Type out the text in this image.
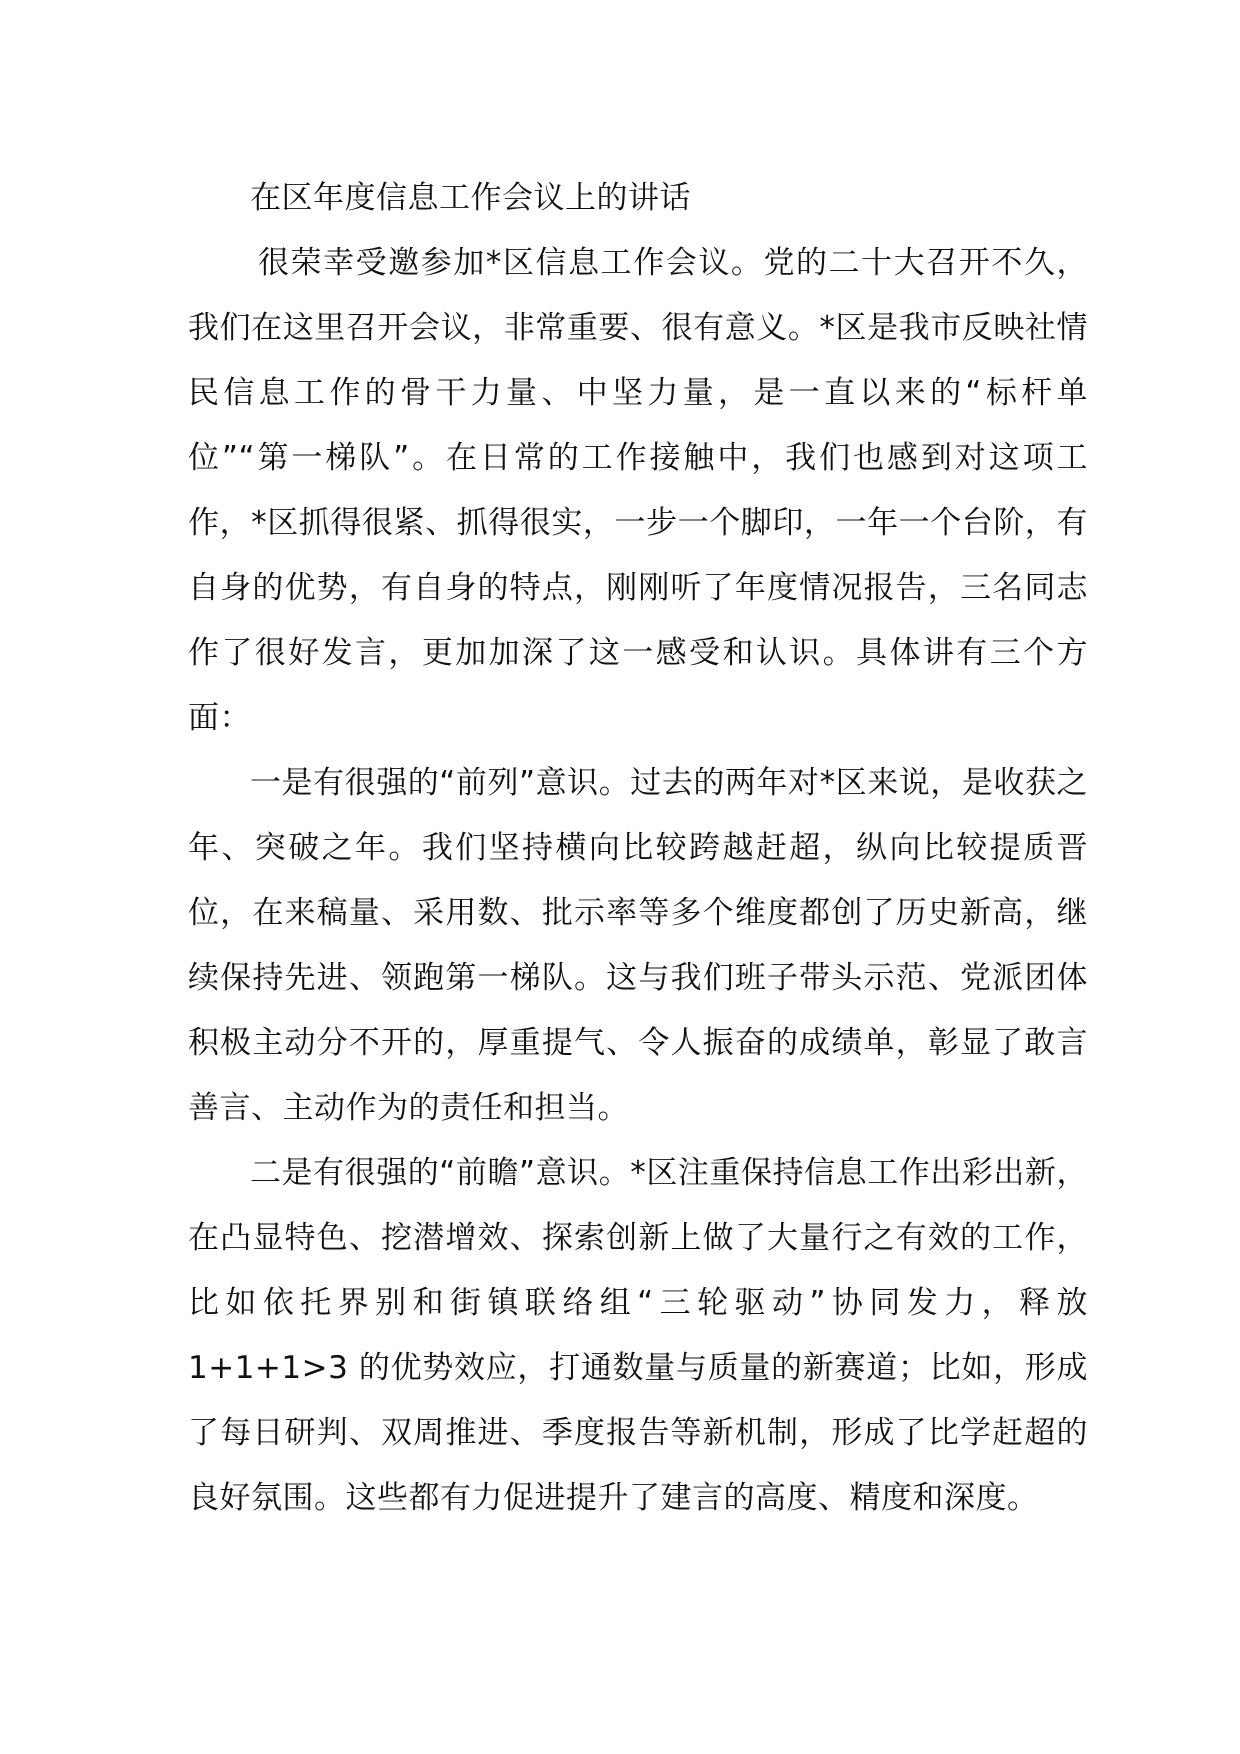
在区年度信息工作会议上的讲话

很荣幸受邀参加*区信息工作会议。党的二十大召开不久，我们在这里召开会议，非常重要、很有意义。*区是我市反映社情民信息工作的骨干力量、中坚力量，是一直以来的“标杆单位”“第一梯队”。在日常的工作接触中，我们也感到对这项工作，*区抓得很紧、抓得很实，一步一个脚印，一年一个台阶，有自身的优势，有自身的特点，刚刚听了年度情况报告，三名同志作了很好发言，更加加深了这一感受和认识。具体讲有三个方面：

一是有很强的“前列”意识。过去的两年对*区来说，是收获之年、突破之年。我们坚持横向比较跨越赶超，纵向比较提质晋位，在来稿量、采用数、批示率等多个维度都创了历史新高，继续保持先进、领跑第一梯队。这与我们班子带头示范、党派团体积极主动分不开的，厚重提气、令人振奋的成绩单，彰显了敢言善言、主动作为的责任和担当。

二是有很强的“前瞻”意识。*区注重保持信息工作出彩出新，在凸显特色、挖潜增效、探索创新上做了大量行之有效的工作，比如依托界别和街镇联络组“三轮驱动”协同发力，释放 1+1+1>3 的优势效应，打通数量与质量的新赛道；比如，形成了每日研判、双周推进、季度报告等新机制，形成了比学赶超的良好氛围。这些都有力促进提升了建言的高度、精度和深度。
